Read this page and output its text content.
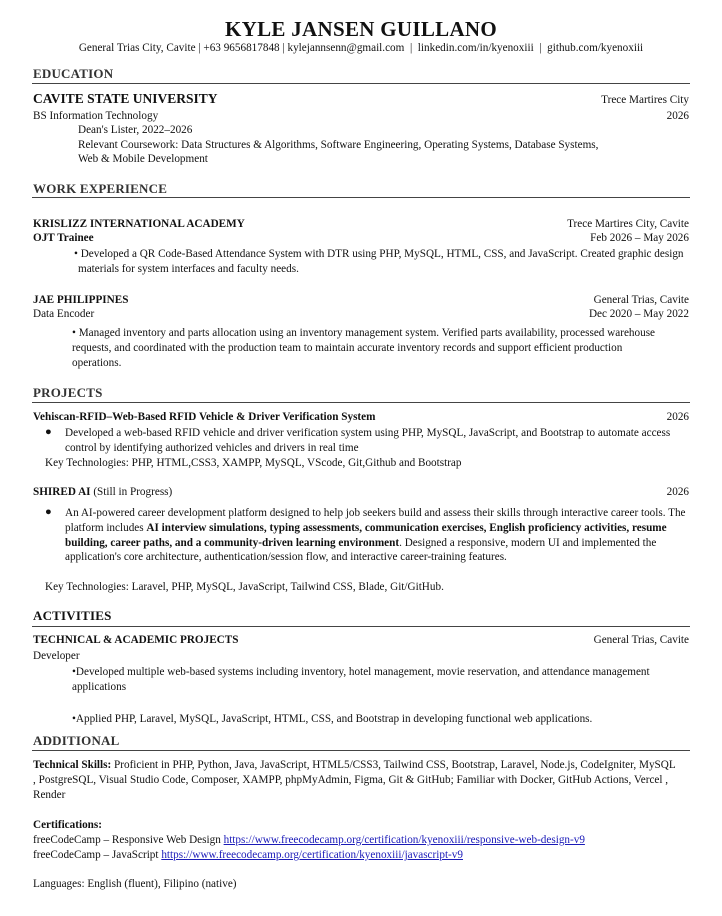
KYLE JANSEN GUILLANO
General Trias City, Cavite | +63 9656817848 | kylejannsenn@gmail.com  |  linkedin.com/in/kyenoxiii  |  github.com/kyenoxiii
EDUCATION
CAVITE STATE UNIVERSITY	Trece Martires City
BS Information Technology	2026
Dean's Lister, 2022–2026
Relevant Coursework: Data Structures & Algorithms, Software Engineering, Operating Systems, Database Systems,
Web & Mobile Development
WORK EXPERIENCE
KRISLIZZ INTERNATIONAL ACADEMY	Trece Martires City, Cavite
OJT Trainee	Feb 2026 – May 2026
• Developed a QR Code-Based Attendance System with DTR using PHP, MySQL, HTML, CSS, and JavaScript. Created graphic design materials for system interfaces and faculty needs.
JAE PHILIPPINES	General Trias, Cavite
Data Encoder	Dec 2020 – May 2022
• Managed inventory and parts allocation using an inventory management system. Verified parts availability, processed warehouse requests, and coordinated with the production team to maintain accurate inventory records and support efficient production operations.
PROJECTS
Vehiscan-RFID–Web-Based RFID Vehicle & Driver Verification System	2026
● Developed a web-based RFID vehicle and driver verification system using PHP, MySQL, JavaScript, and Bootstrap to automate access control by identifying authorized vehicles and drivers in real time
Key Technologies: PHP, HTML,CSS3, XAMPP, MySQL, VScode, Git,Github and Bootstrap
SHIRED AI (Still in Progress)	2026
● An AI-powered career development platform designed to help job seekers build and assess their skills through interactive career tools. The platform includes AI interview simulations, typing assessments, communication exercises, English proficiency activities, resume building, career paths, and a community-driven learning environment. Designed a responsive, modern UI and implemented the application's core architecture, authentication/session flow, and interactive career-training features.
Key Technologies: Laravel, PHP, MySQL, JavaScript, Tailwind CSS, Blade, Git/GitHub.
ACTIVITIES
TECHNICAL & ACADEMIC PROJECTS	General Trias, Cavite
Developer
•Developed multiple web-based systems including inventory, hotel management, movie reservation, and attendance management applications
•Applied PHP, Laravel, MySQL, JavaScript, HTML, CSS, and Bootstrap in developing functional web applications.
ADDITIONAL
Technical Skills: Proficient in PHP, Python, Java, JavaScript, HTML5/CSS3, Tailwind CSS, Bootstrap, Laravel, Node.js, CodeIgniter, MySQL , PostgreSQL, Visual Studio Code, Composer, XAMPP, phpMyAdmin, Figma, Git & GitHub; Familiar with Docker, GitHub Actions, Vercel , Render
Certifications:
freeCodeCamp – Responsive Web Design https://www.freecodecamp.org/certification/kyenoxiii/responsive-web-design-v9
freeCodeCamp – JavaScript https://www.freecodecamp.org/certification/kyenoxiii/javascript-v9
Languages: English (fluent), Filipino (native)
